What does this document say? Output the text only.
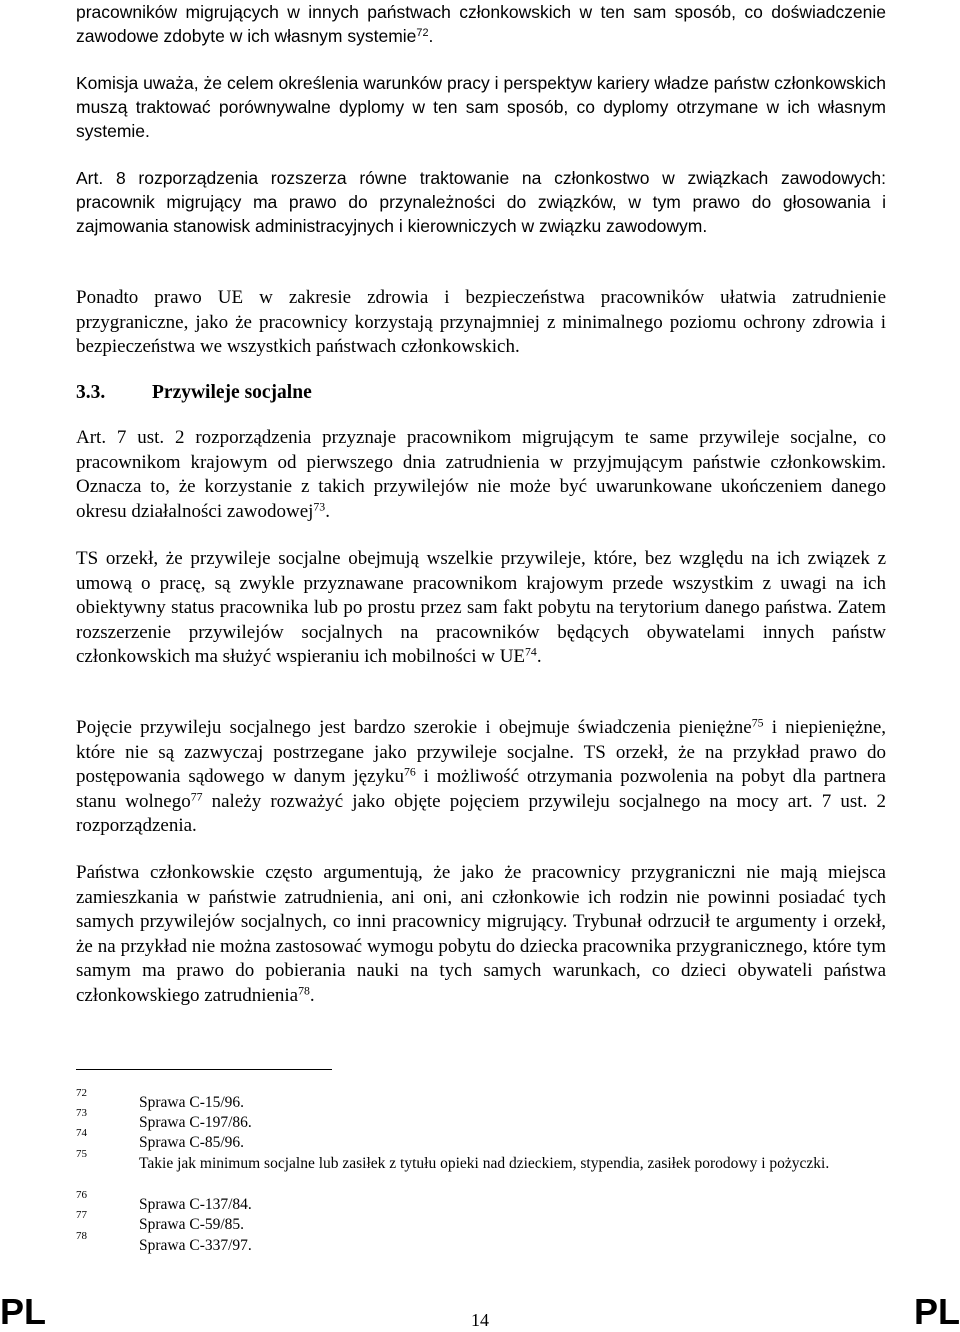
pracowników migrujących w innych państwach członkowskich w ten sam sposób, co doświadczenie zawodowe zdobyte w ich własnym systemie$^{72}$.

Komisja uważa, że celem określenia warunków pracy i perspektyw kariery władze państw członkowskich muszą traktować porównywalne dyplomy w ten sam sposób, co dyplomy otrzymane w ich własnym systemie.

Art. 8 rozporządzenia rozszerza równe traktowanie na członkostwo w związkach zawodowych: pracownik migrujący ma prawo do przynależności do związków, w tym prawo do głosowania i zajmowania stanowisk administracyjnych i kierowniczych w związku zawodowym.

Ponadto prawo UE w zakresie zdrowia i bezpieczeństwa pracowników ułatwia zatrudnienie przygraniczne, jako że pracownicy korzystają przynajmniej z minimalnego poziomu ochrony zdrowia i bezpieczeństwa we wszystkich państwach członkowskich.

3.3. Przywileje socjalne

Art. 7 ust. 2 rozporządzenia przyznaje pracownikom migrującym te same przywileje socjalne, co pracownikom krajowym od pierwszego dnia zatrudnienia w przyjmującym państwie członkowskim. Oznacza to, że korzystanie z takich przywilejów nie może być uwarunkowane ukończeniem danego okresu działalności zawodowej$^{73}$.

TS orzekł, że przywileje socjalne obejmują wszelkie przywileje, które, bez względu na ich związek z umową o pracę, są zwykle przyznawane pracownikom krajowym przede wszystkim z uwagi na ich obiektywny status pracownika lub po prostu przez sam fakt pobytu na terytorium danego państwa. Zatem rozszerzenie przywilejów socjalnych na pracowników będących obywatelami innych państw członkowskich ma służyć wspieraniu ich mobilności w UE$^{74}$.

Pojęcie przywileju socjalnego jest bardzo szerokie i obejmuje świadczenia pieniężne$^{75}$ i niepieniężne, które nie są zazwyczaj postrzegane jako przywileje socjalne. TS orzekł, że na przykład prawo do postępowania sądowego w danym języku$^{76}$ i możliwość otrzymania pozwolenia na pobyt dla partnera stanu wolnego$^{77}$ należy rozważyć jako objęte pojęciem przywileju socjalnego na mocy art. 7 ust. 2 rozporządzenia.

Państwa członkowskie często argumentują, że jako że pracownicy przygraniczni nie mają miejsca zamieszkania w państwie zatrudnienia, ani oni, ani członkowie ich rodzin nie powinni posiadać tych samych przywilejów socjalnych, co inni pracownicy migrujący. Trybunał odrzucił te argumenty i orzekł, że na przykład nie można zastosować wymogu pobytu do dziecka pracownika przygranicznego, które tym samym ma prawo do pobierania nauki na tych samych warunkach, co dzieci obywateli państwa członkowskiego zatrudnienia$^{78}$.

72
Sprawa C-15/96.
73
Sprawa C-197/86.
74
Sprawa C-85/96.
75
Takie jak minimum socjalne lub zasiłek z tytułu opieki nad dzieckiem, stypendia, zasiłek porodowy i pożyczki.
76
Sprawa C-137/84.
77
Sprawa C-59/85.
78
Sprawa C-337/97.
PL	14	PL
